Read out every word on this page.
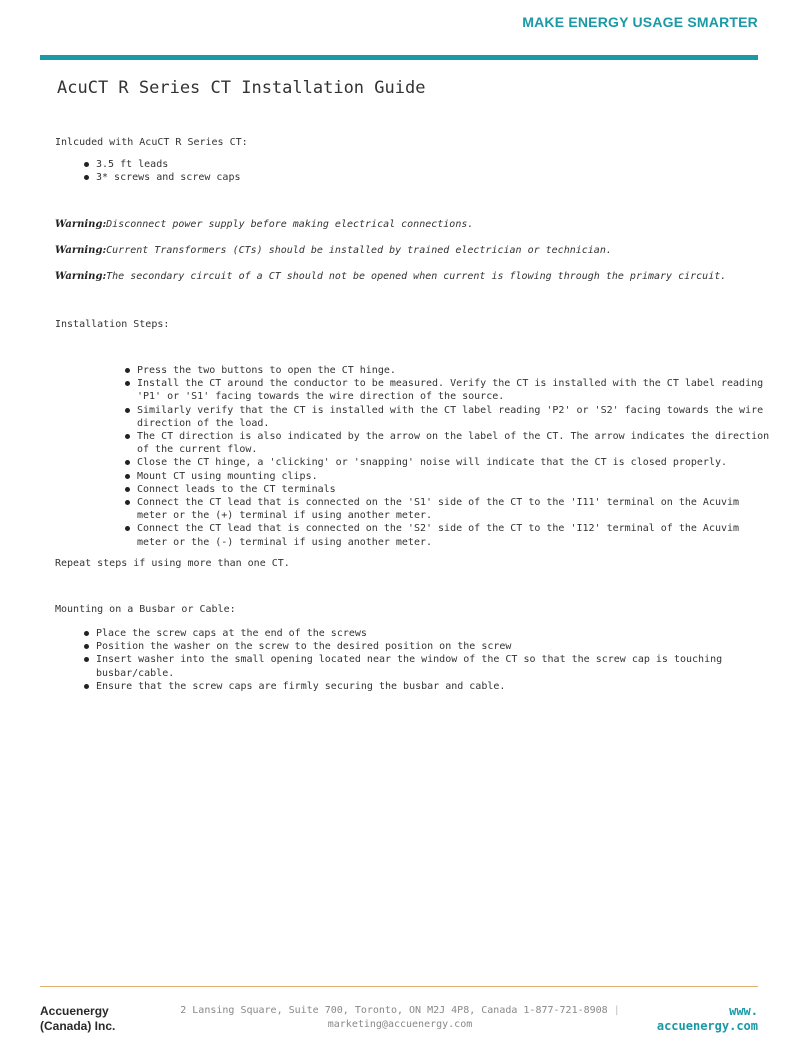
MAKE ENERGY USAGE SMARTER
AcuCT R Series CT Installation Guide
Inlcuded with AcuCT R Series CT:
3.5 ft leads
3* screws and screw caps
Warning:Disconnect power supply before making electrical connections.
Warning:Current Transformers (CTs) should be installed by trained electrician or technician.
Warning:The secondary circuit of a CT should not be opened when current is flowing through the primary circuit.
Installation Steps:
Press the two buttons to open the CT hinge.
Install the CT around the conductor to be measured. Verify the CT is installed with the CT label reading 'P1' or 'S1' facing towards the wire direction of the source.
Similarly verify that the CT is installed with the CT label reading 'P2' or 'S2' facing towards the wire direction of the load.
The CT direction is also indicated by the arrow on the label of the CT. The arrow indicates the direction of the current flow.
Close the CT hinge, a 'clicking' or 'snapping' noise will indicate that the CT is closed properly.
Mount CT using mounting clips.
Connect leads to the CT terminals
Connect the CT lead that is connected on the 'S1' side of the CT to the 'I11' terminal on the Acuvim meter or the (+) terminal if using another meter.
Connect the CT lead that is connected on the 'S2' side of the CT to the 'I12' terminal of the Acuvim meter or the (-) terminal if using another meter.
Repeat steps if using more than one CT.
Mounting on a Busbar or Cable:
Place the screw caps at the end of the screws
Position the washer on the screw to the desired position on the screw
Insert washer into the small opening located near the window of the CT so that the screw cap is touching busbar/cable.
Ensure that the screw caps are firmly securing the busbar and cable.
Accuenergy
(Canada) Inc.
2 Lansing Square, Suite 700, Toronto, ON M2J 4P8, Canada 1-877-721-8908 |
marketing@accuenergy.com
www.
accuenergy.com
